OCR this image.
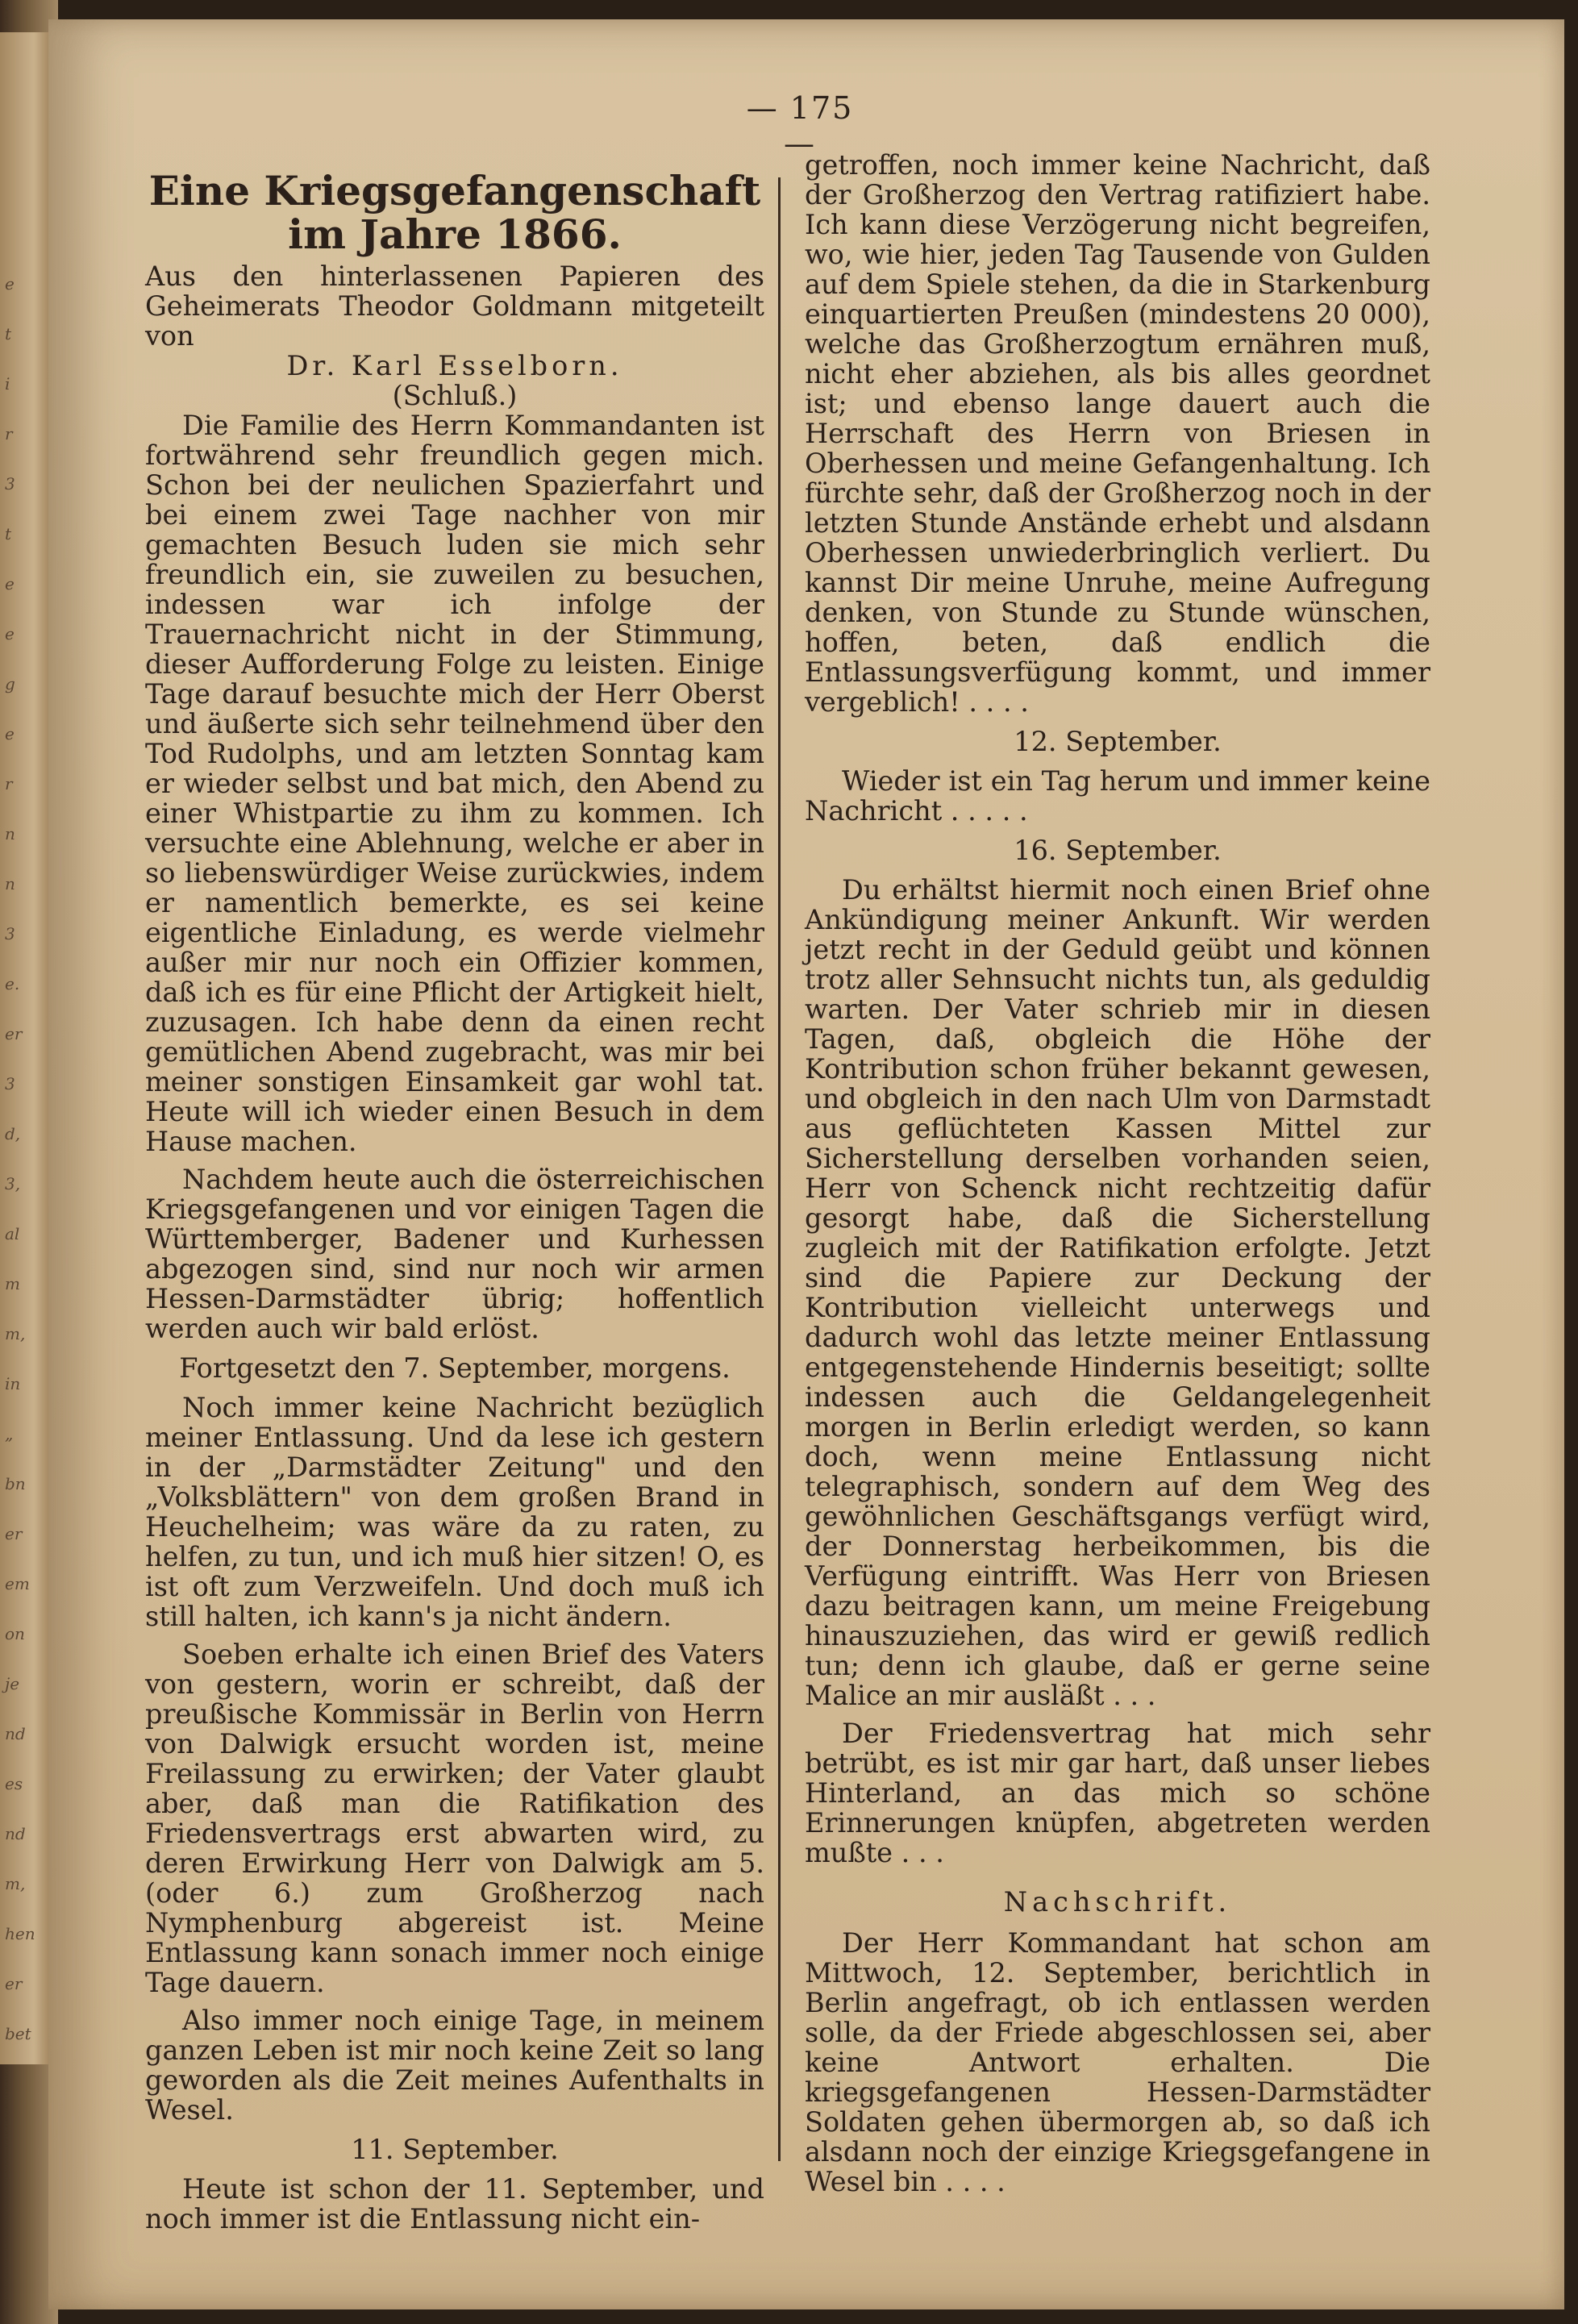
e
t
i
r
3
t
e
e
g
e
r
n
n
3
e.
er
3
d,
3,
al
m
m,
in
„
bn
er
em
on
je
nd
es
nd
m,
hen
er
bet
— 175 —

Eine Kriegsgefangenschaft im Jahre 1866.

Aus den hinterlassenen Papieren des Geheimerats Theodor Goldmann mitgeteilt von

Dr. Karl Esselborn.

(Schluß.)

Die Familie des Herrn Kommandanten ist fortwährend sehr freundlich gegen mich. Schon bei der neulichen Spazierfahrt und bei einem zwei Tage nachher von mir gemachten Besuch luden sie mich sehr freundlich ein, sie zuweilen zu besuchen, indessen war ich infolge der Trauernachricht nicht in der Stimmung, dieser Aufforderung Folge zu leisten. Einige Tage darauf besuchte mich der Herr Oberst und äußerte sich sehr teilnehmend über den Tod Rudolphs, und am letzten Sonntag kam er wieder selbst und bat mich, den Abend zu einer Whistpartie zu ihm zu kommen. Ich versuchte eine Ablehnung, welche er aber in so liebenswürdiger Weise zurückwies, indem er namentlich bemerkte, es sei keine eigentliche Einladung, es werde vielmehr außer mir nur noch ein Offizier kommen, daß ich es für eine Pflicht der Artigkeit hielt, zuzusagen. Ich habe denn da einen recht gemütlichen Abend zugebracht, was mir bei meiner sonstigen Einsamkeit gar wohl tat. Heute will ich wieder einen Besuch in dem Hause machen.

Nachdem heute auch die österreichischen Kriegsgefangenen und vor einigen Tagen die Württemberger, Badener und Kurhessen abgezogen sind, sind nur noch wir armen Hessen-Darmstädter übrig; hoffentlich werden auch wir bald erlöst.

Fortgesetzt den 7. September, morgens.

Noch immer keine Nachricht bezüglich meiner Entlassung. Und da lese ich gestern in der „Darmstädter Zeitung" und den „Volksblättern" von dem großen Brand in Heuchelheim; was wäre da zu raten, zu helfen, zu tun, und ich muß hier sitzen! O, es ist oft zum Verzweifeln. Und doch muß ich still halten, ich kann's ja nicht ändern.

Soeben erhalte ich einen Brief des Vaters von gestern, worin er schreibt, daß der preußische Kommissär in Berlin von Herrn von Dalwigk ersucht worden ist, meine Freilassung zu erwirken; der Vater glaubt aber, daß man die Ratifikation des Friedensvertrags erst abwarten wird, zu deren Erwirkung Herr von Dalwigk am 5. (oder 6.) zum Großherzog nach Nymphenburg abgereist ist. Meine Entlassung kann sonach immer noch einige Tage dauern.

Also immer noch einige Tage, in meinem ganzen Leben ist mir noch keine Zeit so lang geworden als die Zeit meines Aufenthalts in Wesel.

11. September.

Heute ist schon der 11. September, und noch immer ist die Entlassung nicht ein-

getroffen, noch immer keine Nachricht, daß der Großherzog den Vertrag ratifiziert habe. Ich kann diese Verzögerung nicht begreifen, wo, wie hier, jeden Tag Tausende von Gulden auf dem Spiele stehen, da die in Starkenburg einquartierten Preußen (mindestens 20 000), welche das Großherzogtum ernähren muß, nicht eher abziehen, als bis alles geordnet ist; und ebenso lange dauert auch die Herrschaft des Herrn von Briesen in Oberhessen und meine Gefangenhaltung. Ich fürchte sehr, daß der Großherzog noch in der letzten Stunde Anstände erhebt und alsdann Oberhessen unwiederbringlich verliert. Du kannst Dir meine Unruhe, meine Aufregung denken, von Stunde zu Stunde wünschen, hoffen, beten, daß endlich die Entlassungsverfügung kommt, und immer vergeblich! . . . .

12. September.

Wieder ist ein Tag herum und immer keine Nachricht . . . . .

16. September.

Du erhältst hiermit noch einen Brief ohne Ankündigung meiner Ankunft. Wir werden jetzt recht in der Geduld geübt und können trotz aller Sehnsucht nichts tun, als geduldig warten. Der Vater schrieb mir in diesen Tagen, daß, obgleich die Höhe der Kontribution schon früher bekannt gewesen, und obgleich in den nach Ulm von Darmstadt aus geflüchteten Kassen Mittel zur Sicherstellung derselben vorhanden seien, Herr von Schenck nicht rechtzeitig dafür gesorgt habe, daß die Sicherstellung zugleich mit der Ratifikation erfolgte. Jetzt sind die Papiere zur Deckung der Kontribution vielleicht unterwegs und dadurch wohl das letzte meiner Entlassung entgegenstehende Hindernis beseitigt; sollte indessen auch die Geldangelegenheit morgen in Berlin erledigt werden, so kann doch, wenn meine Entlassung nicht telegraphisch, sondern auf dem Weg des gewöhnlichen Geschäftsgangs verfügt wird, der Donnerstag herbeikommen, bis die Verfügung eintrifft. Was Herr von Briesen dazu beitragen kann, um meine Freigebung hinauszuziehen, das wird er gewiß redlich tun; denn ich glaube, daß er gerne seine Malice an mir ausläßt . . .

Der Friedensvertrag hat mich sehr betrübt, es ist mir gar hart, daß unser liebes Hinterland, an das mich so schöne Erinnerungen knüpfen, abgetreten werden mußte . . .

Nachschrift.

Der Herr Kommandant hat schon am Mittwoch, 12. September, berichtlich in Berlin angefragt, ob ich entlassen werden solle, da der Friede abgeschlossen sei, aber keine Antwort erhalten. Die kriegsgefangenen Hessen-Darmstädter Soldaten gehen übermorgen ab, so daß ich alsdann noch der einzige Kriegsgefangene in Wesel bin . . . .
